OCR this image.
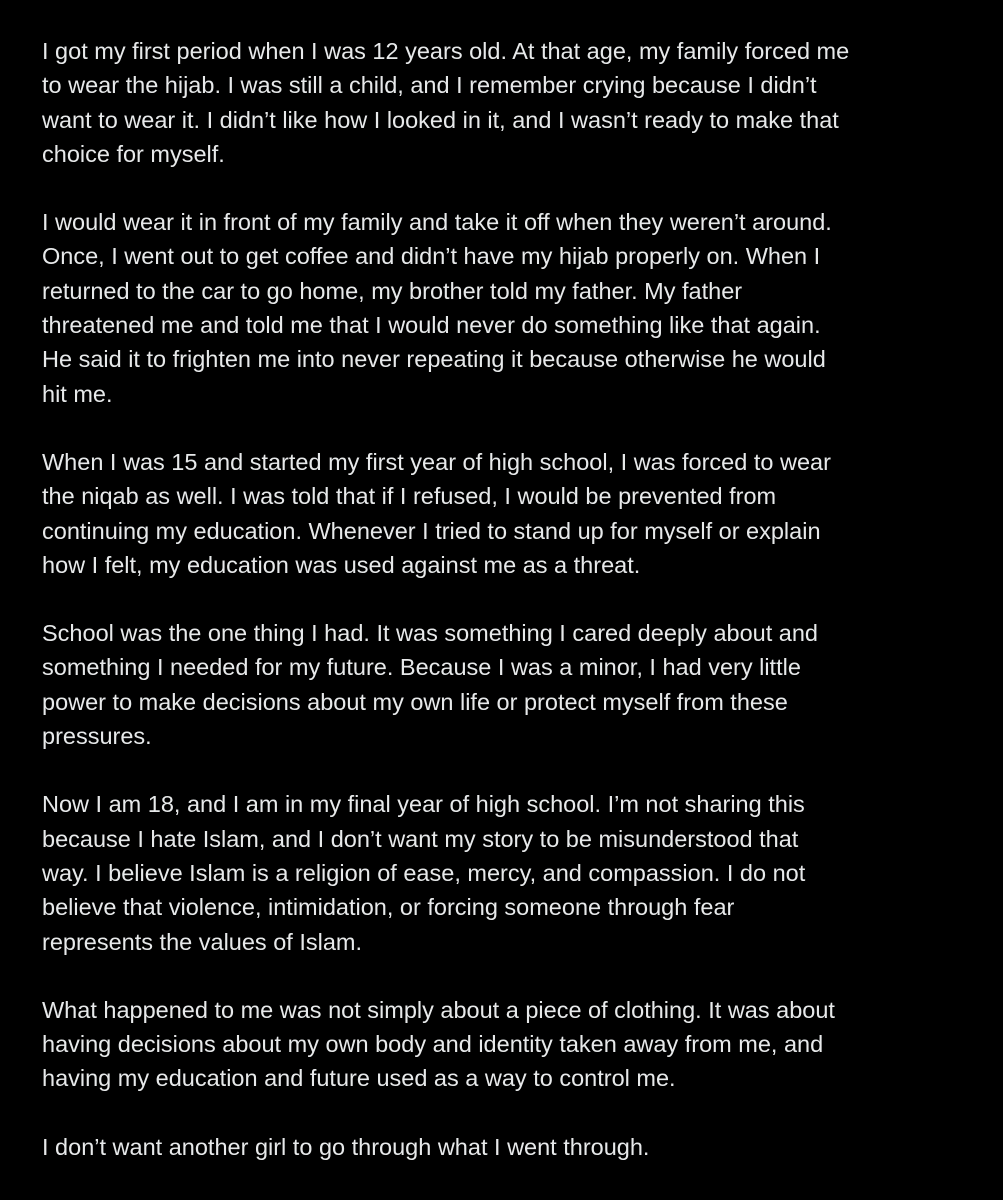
I got my first period when I was 12 years old. At that age, my family forced me
to wear the hijab. I was still a child, and I remember crying because I didn’t
want to wear it. I didn’t like how I looked in it, and I wasn’t ready to make that
choice for myself.

I would wear it in front of my family and take it off when they weren’t around.
Once, I went out to get coffee and didn’t have my hijab properly on. When I
returned to the car to go home, my brother told my father. My father
threatened me and told me that I would never do something like that again.
He said it to frighten me into never repeating it because otherwise he would
hit me.

When I was 15 and started my first year of high school, I was forced to wear
the niqab as well. I was told that if I refused, I would be prevented from
continuing my education. Whenever I tried to stand up for myself or explain
how I felt, my education was used against me as a threat.

School was the one thing I had. It was something I cared deeply about and
something I needed for my future. Because I was a minor, I had very little
power to make decisions about my own life or protect myself from these
pressures.

Now I am 18, and I am in my final year of high school. I’m not sharing this
because I hate Islam, and I don’t want my story to be misunderstood that
way. I believe Islam is a religion of ease, mercy, and compassion. I do not
believe that violence, intimidation, or forcing someone through fear
represents the values of Islam.

What happened to me was not simply about a piece of clothing. It was about
having decisions about my own body and identity taken away from me, and
having my education and future used as a way to control me.

I don’t want another girl to go through what I went through.
